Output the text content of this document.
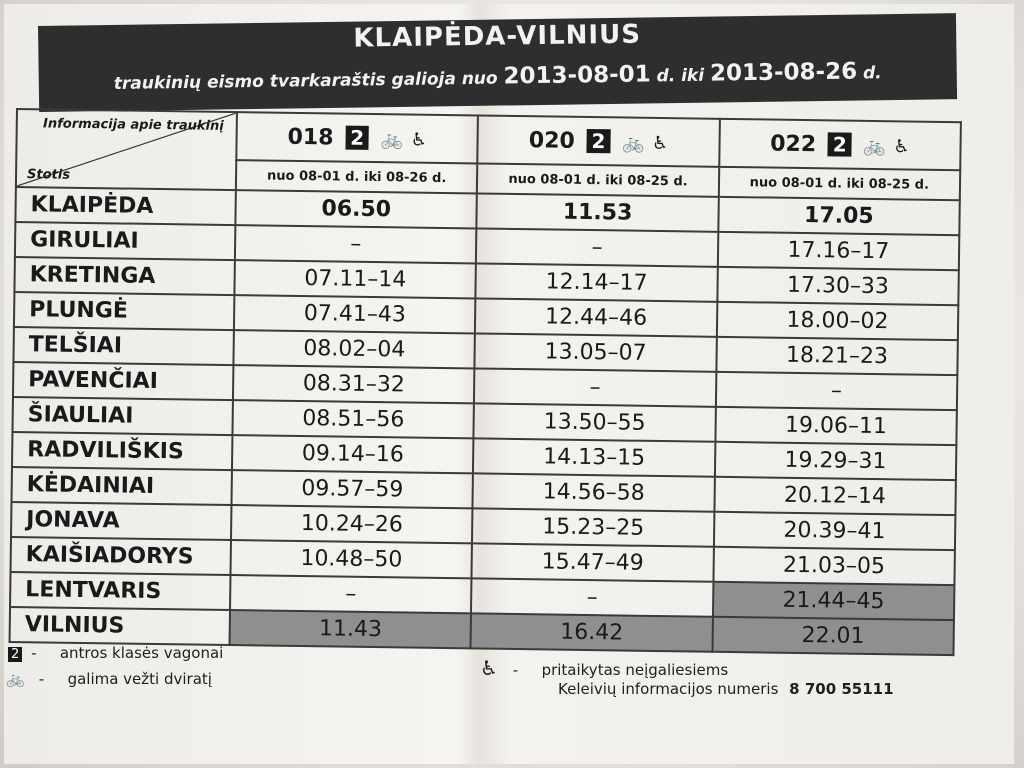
KLAIPĖDA-VILNIUS
traukinių eismo tvarkaraštis galioja nuo 2013-08-01 d. iki 2013-08-26 d.
Informacija apie traukinį
Stotis	018 2 🚲 ♿	020 2 🚲 ♿	022 2 🚲 ♿
	nuo 08-01 d. iki 08-26 d.	nuo 08-01 d. iki 08-25 d.	nuo 08-01 d. iki 08-25 d.
KLAIPĖDA	06.50	11.53	17.05
GIRULIAI	–	–	17.16–17
KRETINGA	07.11–14	12.14–17	17.30–33
PLUNGĖ	07.41–43	12.44–46	18.00–02
TELŠIAI	08.02–04	13.05–07	18.21–23
PAVENČIAI	08.31–32	–	–
ŠIAULIAI	08.51–56	13.50–55	19.06–11
RADVILIŠKIS	09.14–16	14.13–15	19.29–31
KĖDAINIAI	09.57–59	14.56–58	20.12–14
JONAVA	10.24–26	15.23–25	20.39–41
KAIŠIADORYS	10.48–50	15.47–49	21.03–05
LENTVARIS	–	–	21.44–45
VILNIUS	11.43	16.42	22.01
2 - antros klasės vagonai
🚲 - galima vežti dviratį	♿ - pritaikytas neįgaliesiems
Keleivių informacijos numeris 8 700 55111
